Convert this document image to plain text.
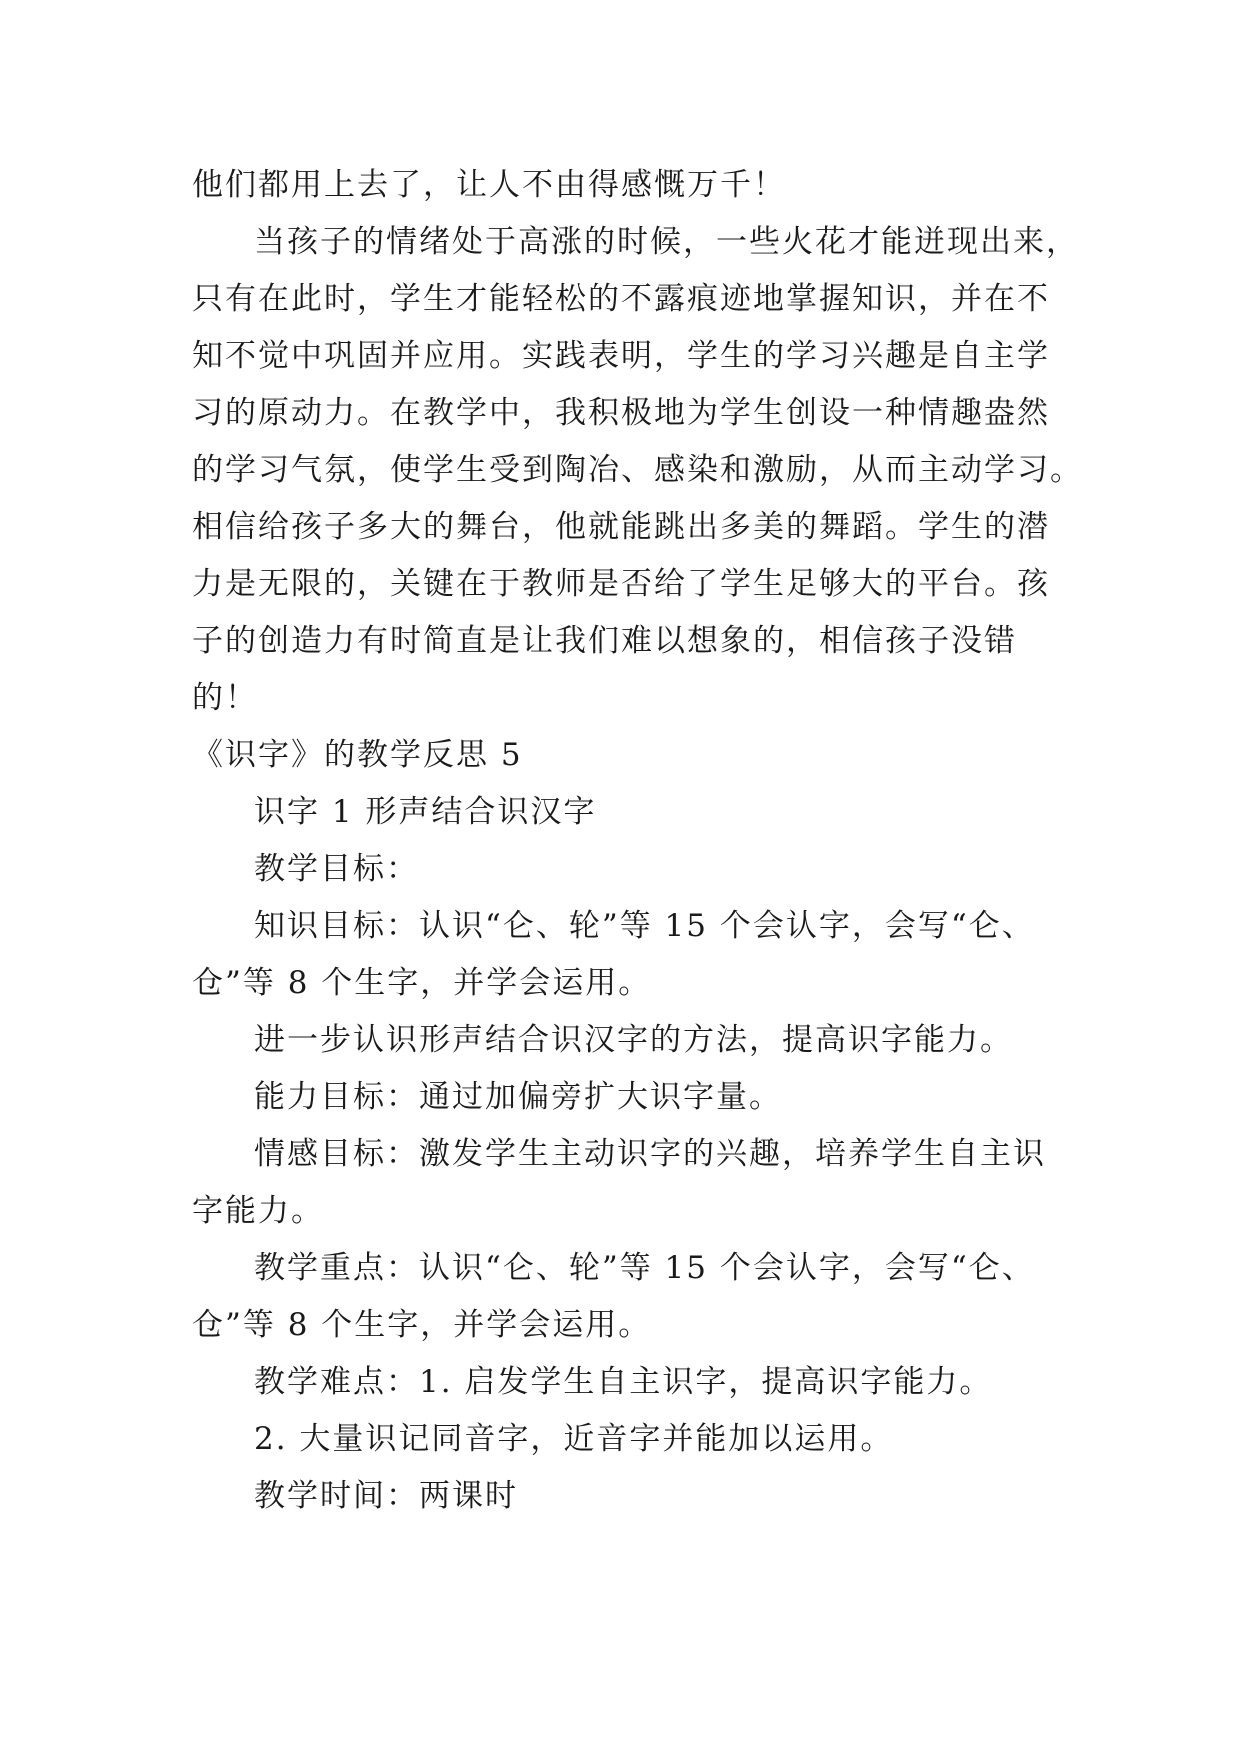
他们都用上去了，让人不由得感慨万千！
当孩子的情绪处于高涨的时候，一些火花才能迸现出来，
只有在此时，学生才能轻松的不露痕迹地掌握知识，并在不
知不觉中巩固并应用。实践表明，学生的学习兴趣是自主学
习的原动力。在教学中，我积极地为学生创设一种情趣盎然
的学习气氛，使学生受到陶冶、感染和激励，从而主动学习。
相信给孩子多大的舞台，他就能跳出多美的舞蹈。学生的潜
力是无限的，关键在于教师是否给了学生足够大的平台。孩
子的创造力有时简直是让我们难以想象的，相信孩子没错
的！
《识字》的教学反思 5
识字 1 形声结合识汉字
教学目标：
知识目标：认识“仑、轮”等 15 个会认字，会写“仑、
仓”等 8 个生字，并学会运用。
进一步认识形声结合识汉字的方法，提高识字能力。
能力目标：通过加偏旁扩大识字量。
情感目标：激发学生主动识字的兴趣，培养学生自主识
字能力。
教学重点：认识“仑、轮”等 15 个会认字，会写“仑、
仓”等 8 个生字，并学会运用。
教学难点：1. 启发学生自主识字，提高识字能力。
2. 大量识记同音字，近音字并能加以运用。
教学时间：两课时
